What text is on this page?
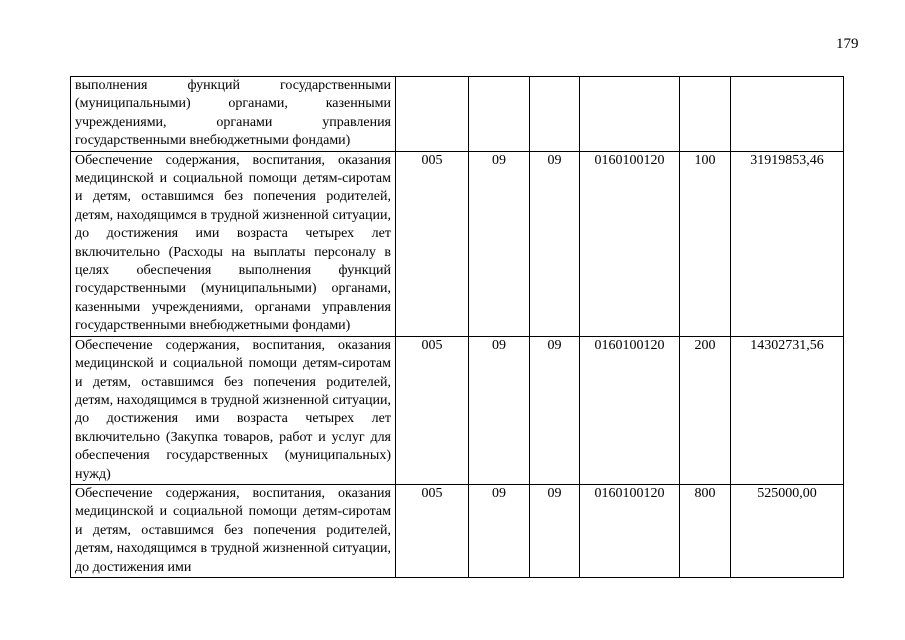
179
выполнения функций государственными (муниципальными) органами, казенными учреждениями, органами управления государственными внебюджетными фондами)						
Обеспечение содержания, воспитания, оказания медицинской и социальной помощи детям-сиротам и детям, оставшимся без попечения родителей, детям, находящимся в трудной жизненной ситуации, до достижения ими возраста четырех лет включительно (Расходы на выплаты персоналу в целях обеспечения выполнения функций государственными (муниципальными) органами, казенными учреждениями, органами управления государственными внебюджетными фондами)	005	09	09	0160100120	100	31919853,46
Обеспечение содержания, воспитания, оказания медицинской и социальной помощи детям-сиротам и детям, оставшимся без попечения родителей, детям, находящимся в трудной жизненной ситуации, до достижения ими возраста четырех лет включительно (Закупка товаров, работ и услуг для обеспечения государственных (муниципальных) нужд)	005	09	09	0160100120	200	14302731,56
Обеспечение содержания, воспитания, оказания медицинской и социальной помощи детям-сиротам и детям, оставшимся без попечения родителей, детям, находящимся в трудной жизненной ситуации, до достижения ими	005	09	09	0160100120	800	525000,00
